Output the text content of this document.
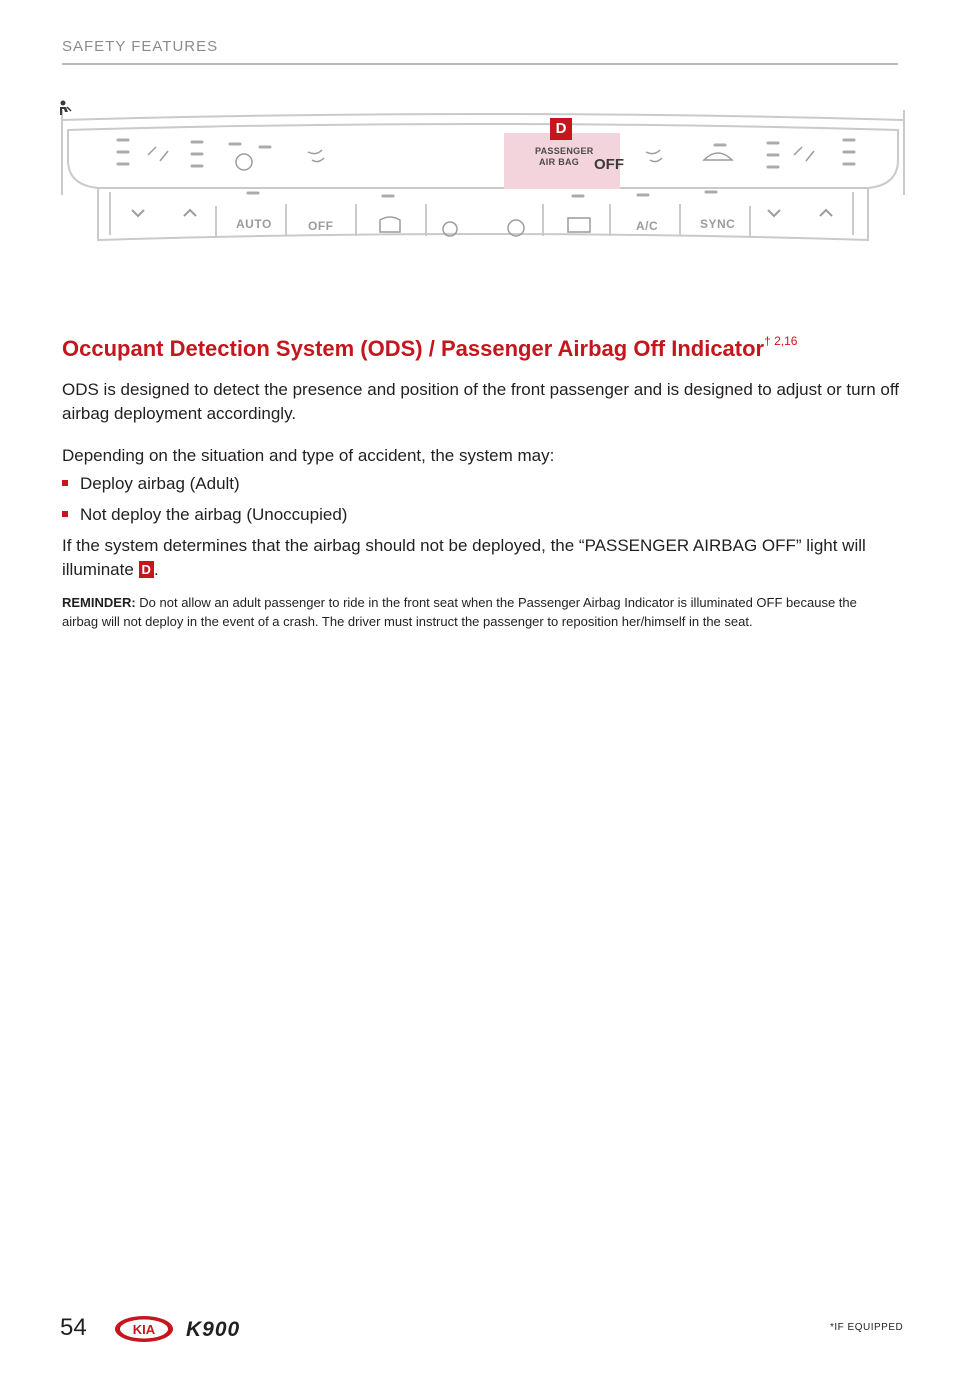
SAFETY FEATURES
PASSENGER
AIR BAG OFF
D
AUTO	OFF	A/C	SYNC
Occupant Detection System (ODS) / Passenger Airbag Off Indicator$^{\dagger 2,16}$
ODS is designed to detect the presence and position of the front passenger and is designed to adjust or turn off airbag deployment accordingly.
Depending on the situation and type of accident, the system may:
Deploy airbag (Adult)
Not deploy the airbag (Unoccupied)
If the system determines that the airbag should not be deployed, the “PASSENGER AIRBAG OFF” light will illuminate D .
REMINDER: Do not allow an adult passenger to ride in the front seat when the Passenger Airbag Indicator is illuminated OFF because the airbag will not deploy in the event of a crash. The driver must instruct the passenger to reposition her/himself in the seat.
54	KIA K900	*IF EQUIPPED
